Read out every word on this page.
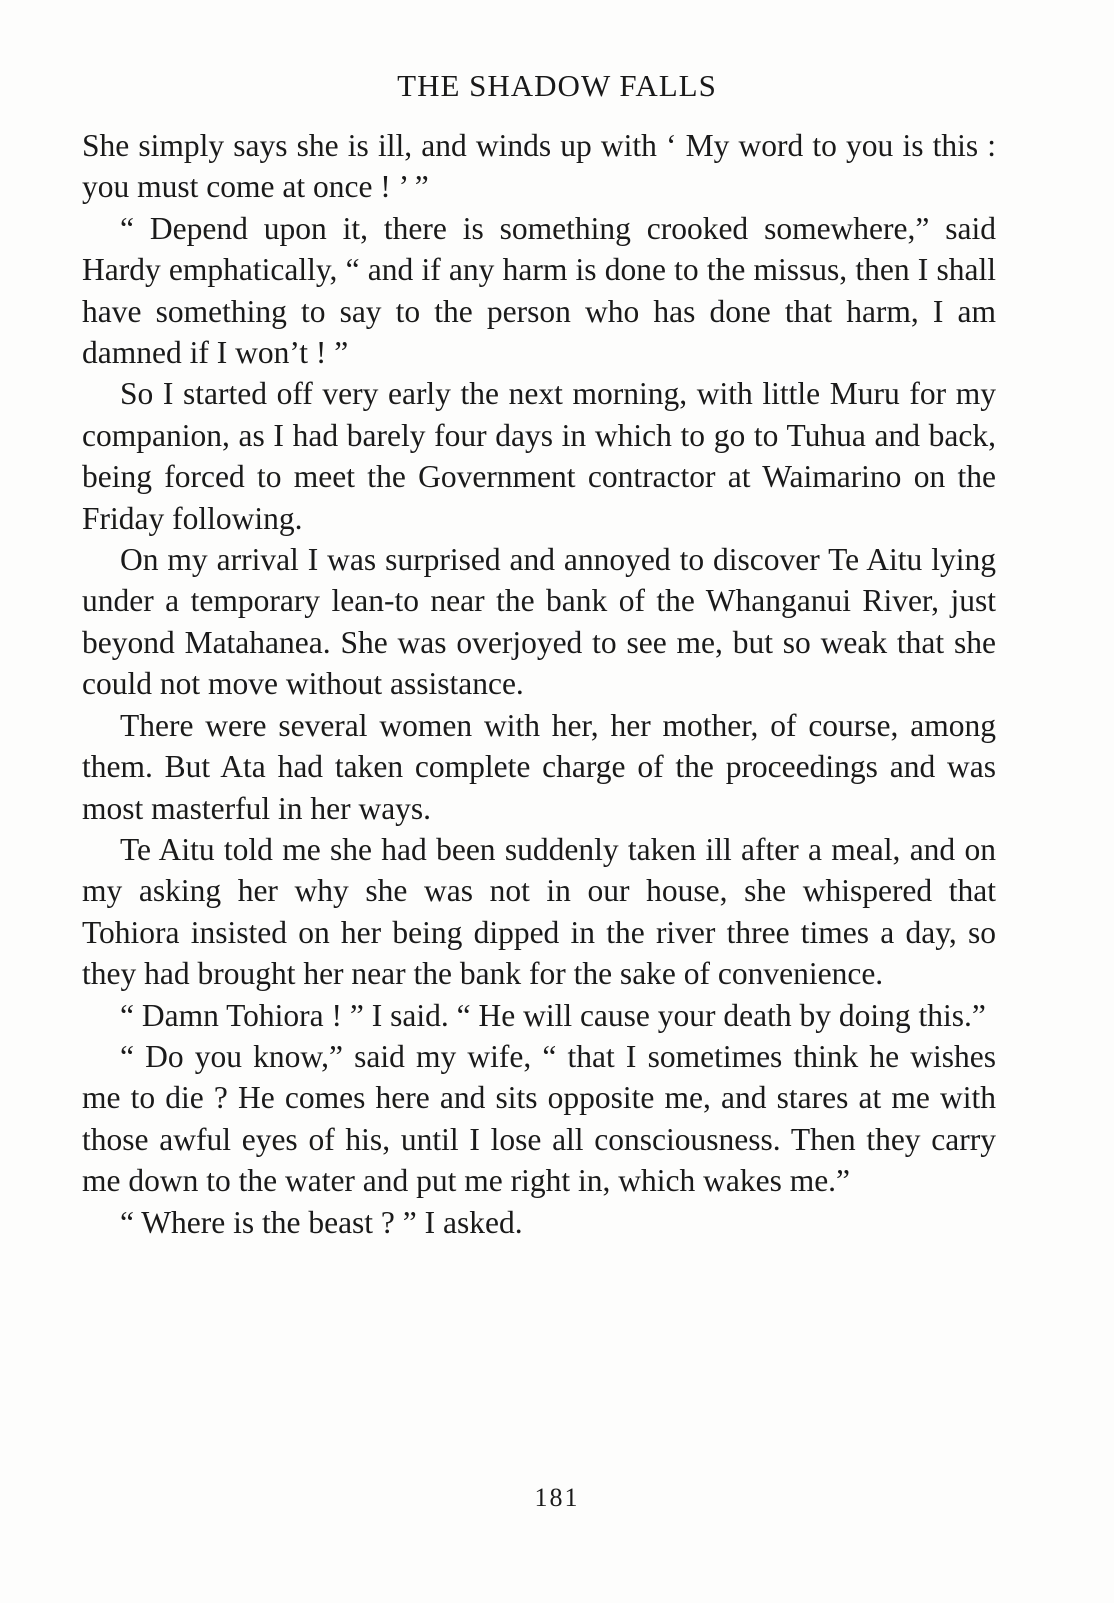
THE SHADOW FALLS

She simply says she is ill, and winds up with ‘ My word to you is this : you must come at once ! ’ ”

“ Depend upon it, there is something crooked somewhere,” said Hardy emphatically, “ and if any harm is done to the missus, then I shall have something to say to the person who has done that harm, I am damned if I won’t ! ”

So I started off very early the next morning, with little Muru for my companion, as I had barely four days in which to go to Tuhua and back, being forced to meet the Government contractor at Waimarino on the Friday following.

On my arrival I was surprised and annoyed to discover Te Aitu lying under a temporary lean-to near the bank of the Whanganui River, just beyond Matahanea. She was overjoyed to see me, but so weak that she could not move without assistance.

There were several women with her, her mother, of course, among them. But Ata had taken complete charge of the proceedings and was most masterful in her ways.

Te Aitu told me she had been suddenly taken ill after a meal, and on my asking her why she was not in our house, she whispered that Tohiora insisted on her being dipped in the river three times a day, so they had brought her near the bank for the sake of convenience.

“ Damn Tohiora ! ” I said. “ He will cause your death by doing this.”

“ Do you know,” said my wife, “ that I sometimes think he wishes me to die ? He comes here and sits opposite me, and stares at me with those awful eyes of his, until I lose all consciousness. Then they carry me down to the water and put me right in, which wakes me.”

“ Where is the beast ? ” I asked.

181
